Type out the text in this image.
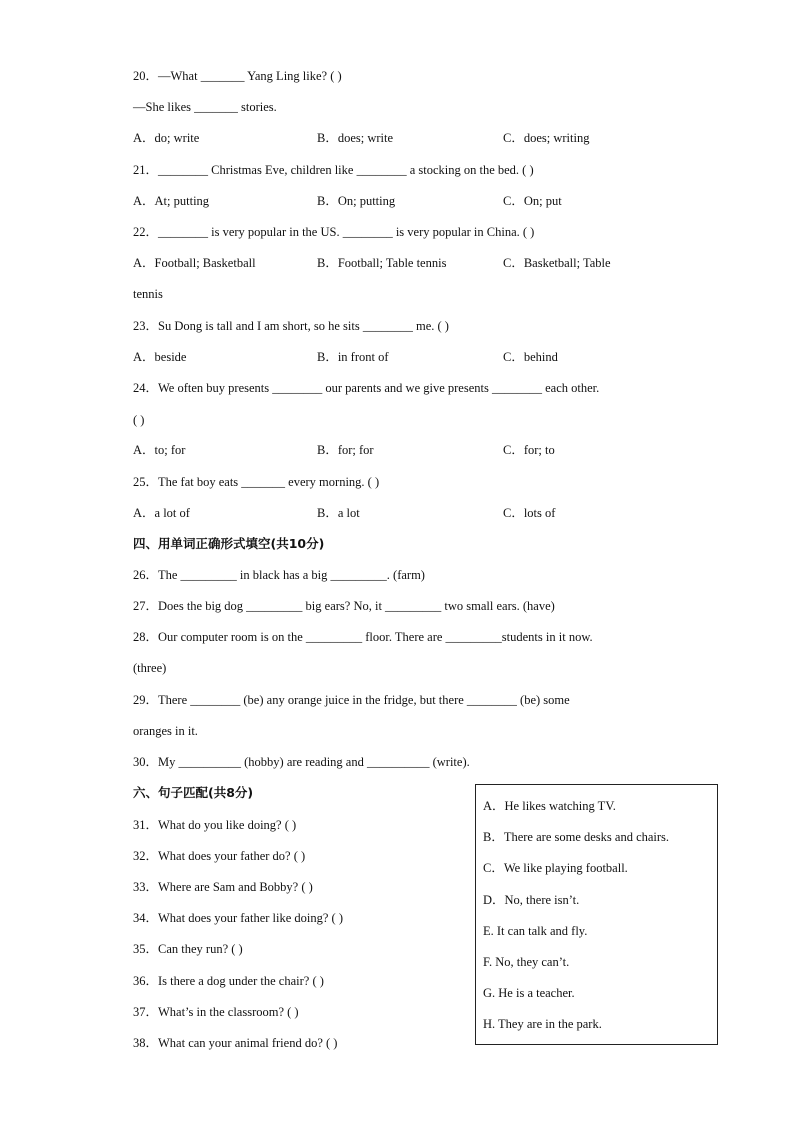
20．—What _______ Yang Ling like? ( )
—She likes _______ stories.
A．do; write	B．does; write	C．does; writing
21．________ Christmas Eve, children like ________ a stocking on the bed. ( )
A．At; putting	B．On; putting	C．On; put
22．________ is very popular in the US. ________ is very popular in China. ( )
A．Football; Basketball	B．Football; Table tennis	C．Basketball; Table
tennis
23．Su Dong is tall and I am short, so he sits ________ me. ( )
A．beside	B．in front of	C．behind
24．We often buy presents ________ our parents and we give presents ________ each other.
( )
A．to; for	B．for; for	C．for; to
25．The fat boy eats _______ every morning. ( )
A．a lot of	B．a lot	C．lots of
四、用单词正确形式填空(共10分)
26．The _________ in black has a big _________. (farm)
27．Does the big dog _________ big ears? No, it _________ two small ears. (have)
28．Our computer room is on the _________ floor. There are _________students in it now.
(three)
29．There ________ (be) any orange juice in the fridge, but there ________ (be) some
oranges in it.
30．My __________ (hobby) are reading and __________ (write).
六、句子匹配(共8分)
31．What do you like doing? ( )
32．What does your father do? ( )
33．Where are Sam and Bobby? ( )
34．What does your father like doing? ( )
35．Can they run? ( )
36．Is there a dog under the chair? ( )
37．What’s in the classroom? ( )
38．What can your animal friend do? ( )
A．He likes watching TV.
B．There are some desks and chairs.
C．We like playing football.
D．No, there isn’t.
E. It can talk and fly.
F. No, they can’t.
G. He is a teacher.
H. They are in the park.
